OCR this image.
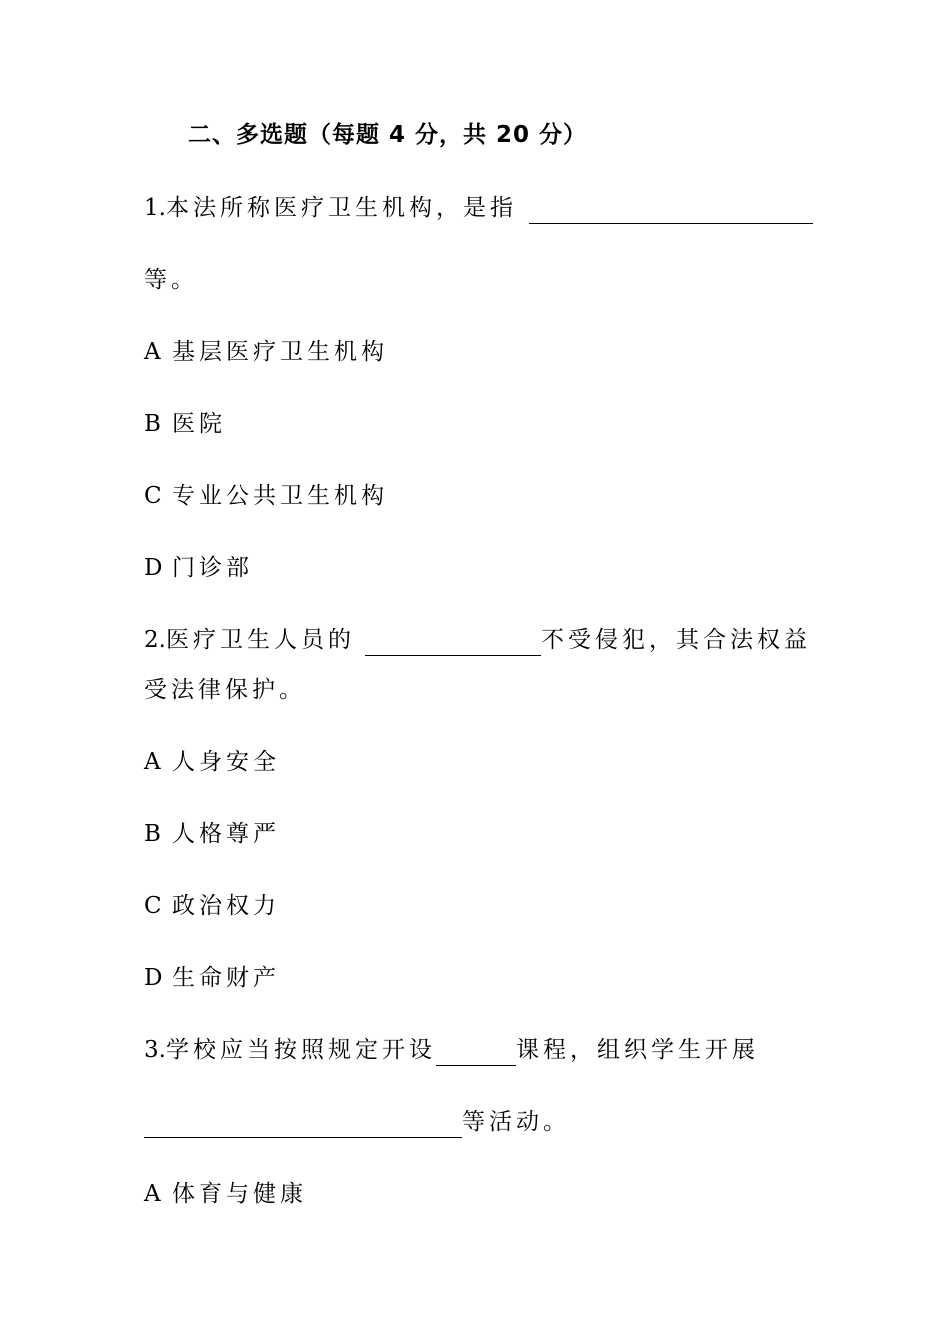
二、多选题（每题 4 分，共 20 分）
1.本法所称医疗卫生机构，是指
等。
A 基层医疗卫生机构
B 医院
C 专业公共卫生机构
D 门诊部
2.医疗卫生人员的	不受侵犯，其合法权益
受法律保护。
A 人身安全
B 人格尊严
C 政治权力
D 生命财产
3.学校应当按照规定开设	课程，组织学生开展
等活动。
A 体育与健康
